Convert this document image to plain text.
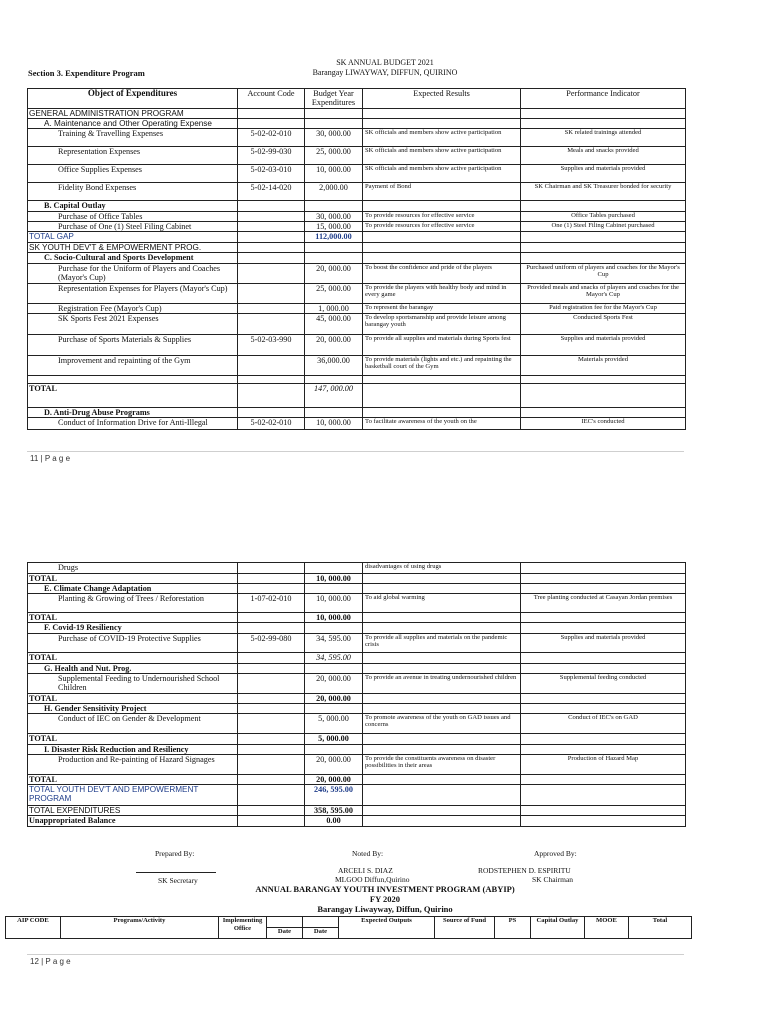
SK ANNUAL BUDGET 2021
Section 3. Expenditure Program	Barangay LIWAYWAY, DIFFUN, QUIRINO
Object of Expenditures	Account Code	Budget Year Expenditures	Expected Results	Performance Indicator
GENERAL ADMINISTRATION PROGRAM				
A. Maintenance and Other Operating Expense				
Training & Travelling Expenses	5-02-02-010	30, 000.00	SK officials and members show active participation	SK related trainings attended
Representation Expenses	5-02-99-030	25, 000.00	SK officials and members show active participation	Meals and snacks provided
Office Supplies Expenses	5-02-03-010	10, 000.00	SK officials and members show active participation	Supplies and materials provided
Fidelity Bond Expenses	5-02-14-020	2,000.00	Payment of Bond	SK Chairman and SK Treasurer bonded for security
B. Capital Outlay				
Purchase of Office Tables		30, 000.00	To provide resources for effective service	Office Tables purchased
Purchase of One (1) Steel Filing Cabinet		15, 000.00	To provide resources for effective service	One (1) Steel Filing Cabinet purchased
TOTAL GAP		112,000.00		
SK YOUTH DEV'T & EMPOWERMENT PROG.				
C. Socio-Cultural and Sports Development				
Purchase for the Uniform of Players and Coaches (Mayor's Cup)		20, 000.00	To boost the confidence and pride of the players	Purchased uniform of players and coaches for the Mayor's Cup
Representation Expenses for Players (Mayor's Cup)		25, 000.00	To provide the players with healthy body and mind in every game	Provided meals and snacks of players and coaches for the Mayor's Cup
Registration Fee (Mayor's Cup)		1, 000.00	To represent the barangay	Paid registration fee for the Mayor's Cup
SK Sports Fest 2021 Expenses		45, 000.00	To develop sportsmanship and provide leisure among barangay youth	Conducted Sports Fest
Purchase of Sports Materials & Supplies	5-02-03-990	20, 000.00	To provide all supplies and materials during Sports fest	Supplies and materials provided
Improvement and repainting of the Gym		36,000.00	To provide materials (lights and etc.) and repainting the basketball court of the Gym	Materials provided

TOTAL		147, 000.00		
D. Anti-Drug Abuse Programs				
Conduct of Information Drive for Anti-Illegal	5-02-02-010	10, 000.00	To facilitate awareness of the youth on the	IEC's conducted
11 | P a g e
Drugs			disadvantages of using drugs	
TOTAL		10, 000.00		
E. Climate Change Adaptation				
Planting & Growing of Trees / Reforestation	1-07-02-010	10, 000.00	To aid global warming	Tree planting conducted at Casayan Jordan premises
TOTAL		10, 000.00		
F. Covid-19 Resiliency				
Purchase of COVID-19 Protective Supplies	5-02-99-080	34, 595.00	To provide all supplies and materials on the pandemic crisis	Supplies and materials provided
TOTAL		34, 595.00		
G. Health and Nut. Prog.				
Supplemental Feeding to Undernourished School Children		20, 000.00	To provide an avenue in treating undernourished children	Supplemental feeding conducted
TOTAL		20, 000.00		
H. Gender Sensitivity Project				
Conduct of IEC on Gender & Development		5, 000.00	To promote awareness of the youth on GAD issues and concerns	Conduct of IEC's on GAD
TOTAL		5, 000.00		
I. Disaster Risk Reduction and Resiliency				
Production and Re-painting of Hazard Signages		20, 000.00	To provide the constituents awareness on disaster possibilities in their areas	Production of Hazard Map
TOTAL		20, 000.00		
TOTAL YOUTH DEV'T AND EMPOWERMENT PROGRAM		246, 595.00		
TOTAL EXPENDITURES		358, 595.00		
Unappropriated Balance		0.00		
Prepared By:	Noted By:	Approved By:
SK Secretary
ARCELI S. DIAZ
MLGOO Diffun,Quirino
RODSTEPHEN D. ESPIRITU
SK Chairman
ANNUAL BARANGAY YOUTH INVESTMENT PROGRAM (ABYIP)
FY 2020
Barangay Liwayway, Diffun, Quirino
AIP CODE	Programs/Activity	Implementing Office			Expected Outputs	Source of Fund	PS	Capital Outlay	MOOE	Total
			Date	Date						
12 | P a g e
